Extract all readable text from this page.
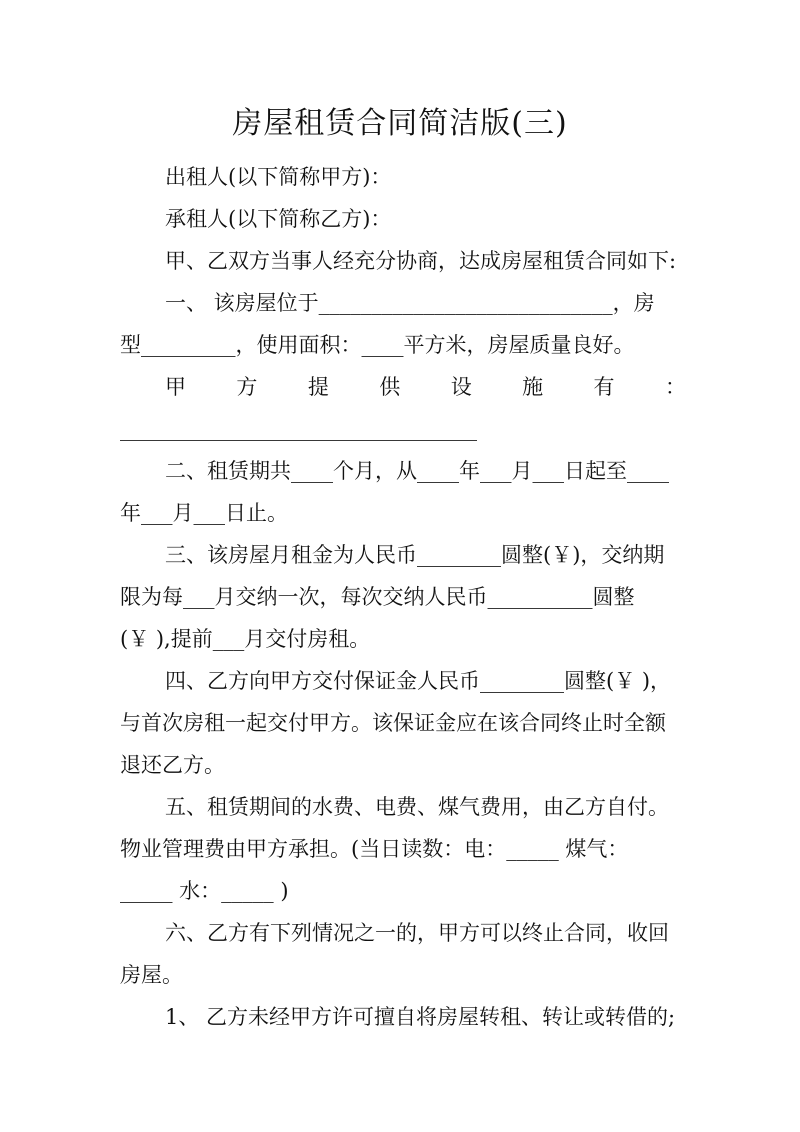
房屋租赁合同简洁版(三)
出租人(以下简称甲方)：
承租人(以下简称乙方)：
甲、乙双方当事人经充分协商，达成房屋租赁合同如下:
一、 该房屋位于____________________________，房
型_________，使用面积：____平方米，房屋质量良好。
甲 方 提 供 设 施 有 ：
__________________________________
二、租赁期共____个月，从____年___月___日起至____
年___月___日止。
三、该房屋月租金为人民币________圆整(￥)，交纳期
限为每___月交纳一次，每次交纳人民币__________圆整
(￥ ),提前___月交付房租。
四、乙方向甲方交付保证金人民币________圆整(￥ )，
与首次房租一起交付甲方。该保证金应在该合同终止时全额
退还乙方。
五、租赁期间的水费、电费、煤气费用，由乙方自付。
物业管理费由甲方承担。(当日读数：电：_____ 煤气：
_____ 水：_____ )
六、乙方有下列情况之一的，甲方可以终止合同，收回
房屋。
1、 乙方未经甲方许可擅自将房屋转租、转让或转借的;
